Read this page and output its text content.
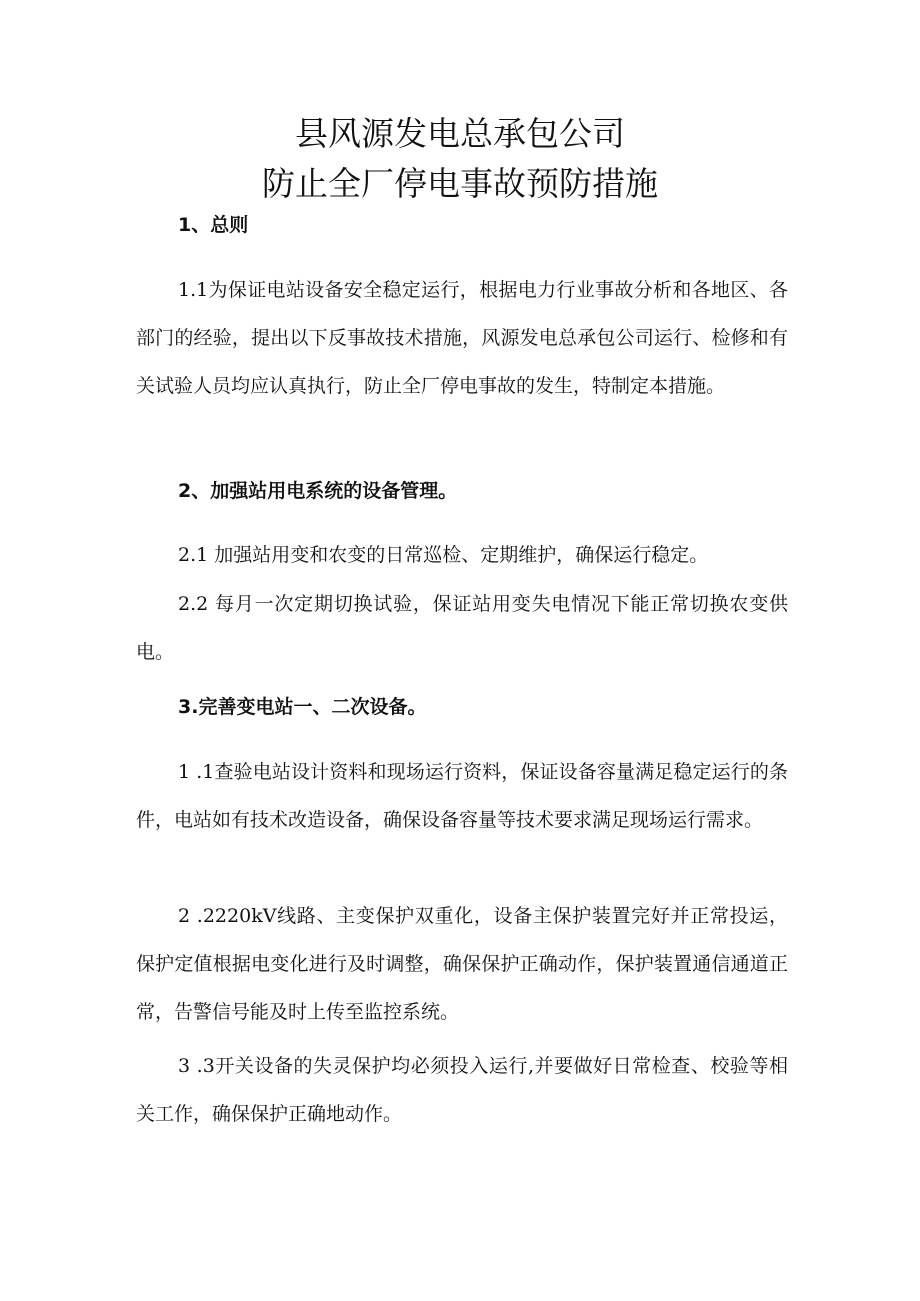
县风源发电总承包公司
防止全厂停电事故预防措施
1、总则

1.1为保证电站设备安全稳定运行，根据电力行业事故分析和各地区、各部门的经验，提出以下反事故技术措施，风源发电总承包公司运行、检修和有关试验人员均应认真执行，防止全厂停电事故的发生，特制定本措施。

2、加强站用电系统的设备管理。

2.1 加强站用变和农变的日常巡检、定期维护，确保运行稳定。

2.2 每月一次定期切换试验，保证站用变失电情况下能正常切换农变供电。

3.完善变电站一、二次设备。

1 .1查验电站设计资料和现场运行资料，保证设备容量满足稳定运行的条件，电站如有技术改造设备，确保设备容量等技术要求满足现场运行需求。

2 .2220kV线路、主变保护双重化，设备主保护装置完好并正常投运，保护定值根据电变化进行及时调整，确保保护正确动作，保护装置通信通道正常，告警信号能及时上传至监控系统。

3 .3开关设备的失灵保护均必须投入运行,并要做好日常检查、校验等相关工作，确保保护正确地动作。
